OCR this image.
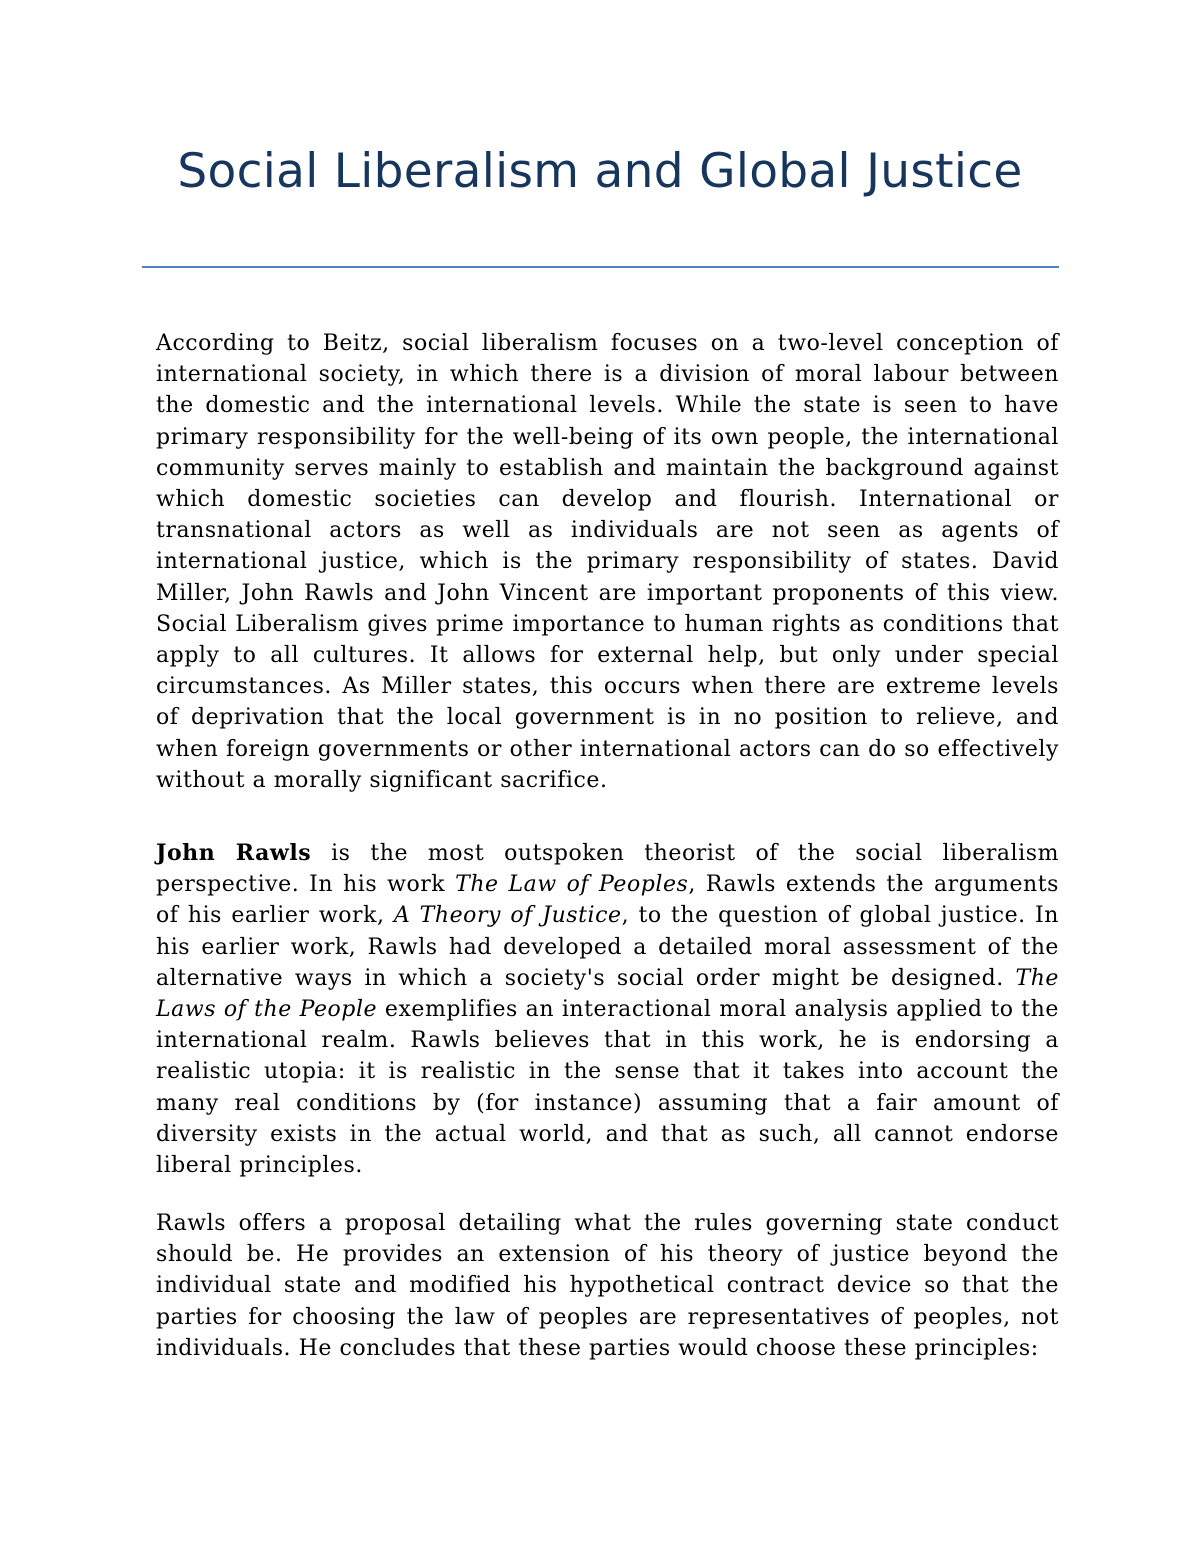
Social Liberalism and Global Justice

According to Beitz, social liberalism focuses on a two-level conception of international society, in which there is a division of moral labour between the domestic and the international levels. While the state is seen to have primary responsibility for the well-being of its own people, the international community serves mainly to establish and maintain the background against which domestic societies can develop and flourish. International or transnational actors as well as individuals are not seen as agents of international justice, which is the primary responsibility of states. David Miller, John Rawls and John Vincent are important proponents of this view. Social Liberalism gives prime importance to human rights as conditions that apply to all cultures. It allows for external help, but only under special circumstances. As Miller states, this occurs when there are extreme levels of deprivation that the local government is in no position to relieve, and when foreign governments or other international actors can do so effectively without a morally significant sacrifice.

John Rawls is the most outspoken theorist of the social liberalism perspective. In his work The Law of Peoples, Rawls extends the arguments of his earlier work, A Theory of Justice, to the question of global justice. In his earlier work, Rawls had developed a detailed moral assessment of the alternative ways in which a society's social order might be designed. The Laws of the People exemplifies an interactional moral analysis applied to the international realm. Rawls believes that in this work, he is endorsing a realistic utopia: it is realistic in the sense that it takes into account the many real conditions by (for instance) assuming that a fair amount of diversity exists in the actual world, and that as such, all cannot endorse liberal principles.

Rawls offers a proposal detailing what the rules governing state conduct should be. He provides an extension of his theory of justice beyond the individual state and modified his hypothetical contract device so that the parties for choosing the law of peoples are representatives of peoples, not individuals. He concludes that these parties would choose these principles:
